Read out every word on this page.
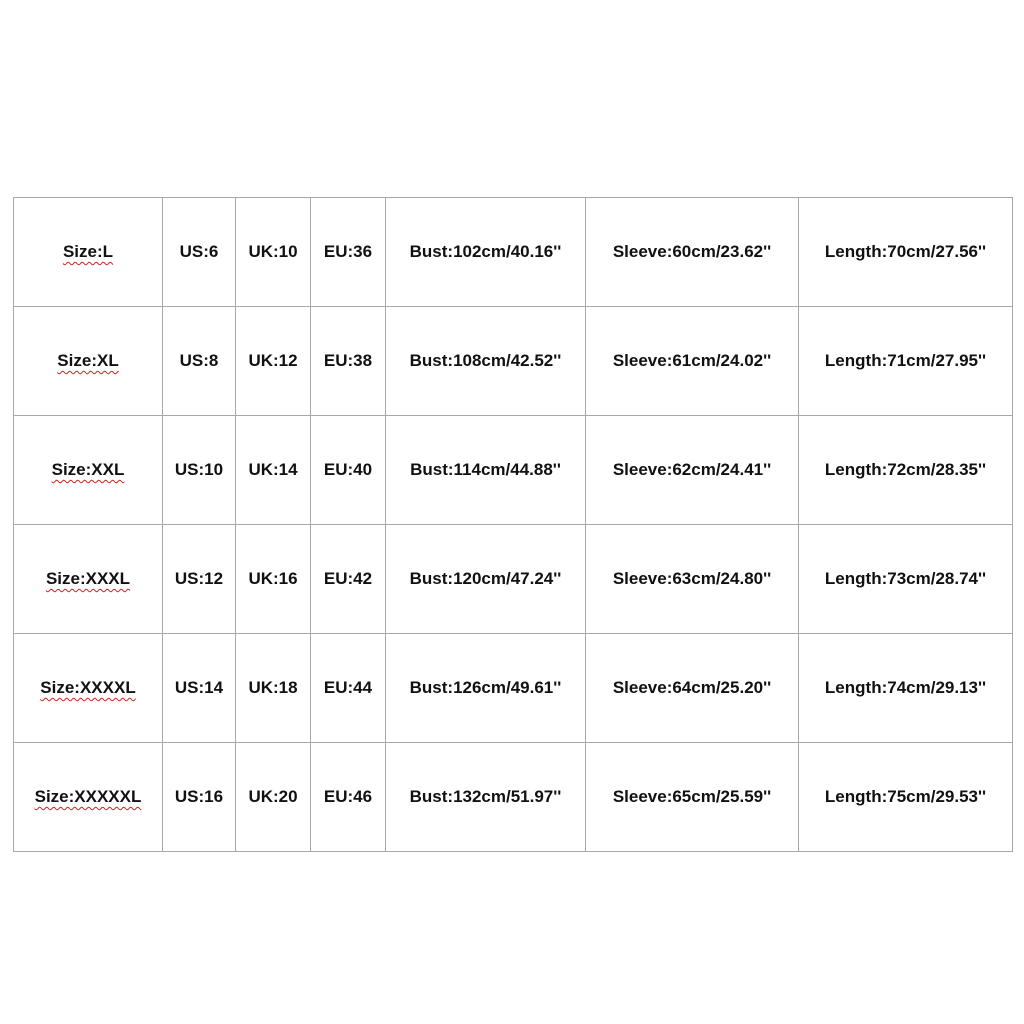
Size:L	US:6	UK:10	EU:36	Bust:102cm/40.16''	Sleeve:60cm/23.62''	Length:70cm/27.56''
Size:XL	US:8	UK:12	EU:38	Bust:108cm/42.52''	Sleeve:61cm/24.02''	Length:71cm/27.95''
Size:XXL	US:10	UK:14	EU:40	Bust:114cm/44.88''	Sleeve:62cm/24.41''	Length:72cm/28.35''
Size:XXXL	US:12	UK:16	EU:42	Bust:120cm/47.24''	Sleeve:63cm/24.80''	Length:73cm/28.74''
Size:XXXXL	US:14	UK:18	EU:44	Bust:126cm/49.61''	Sleeve:64cm/25.20''	Length:74cm/29.13''
Size:XXXXXL	US:16	UK:20	EU:46	Bust:132cm/51.97''	Sleeve:65cm/25.59''	Length:75cm/29.53''
